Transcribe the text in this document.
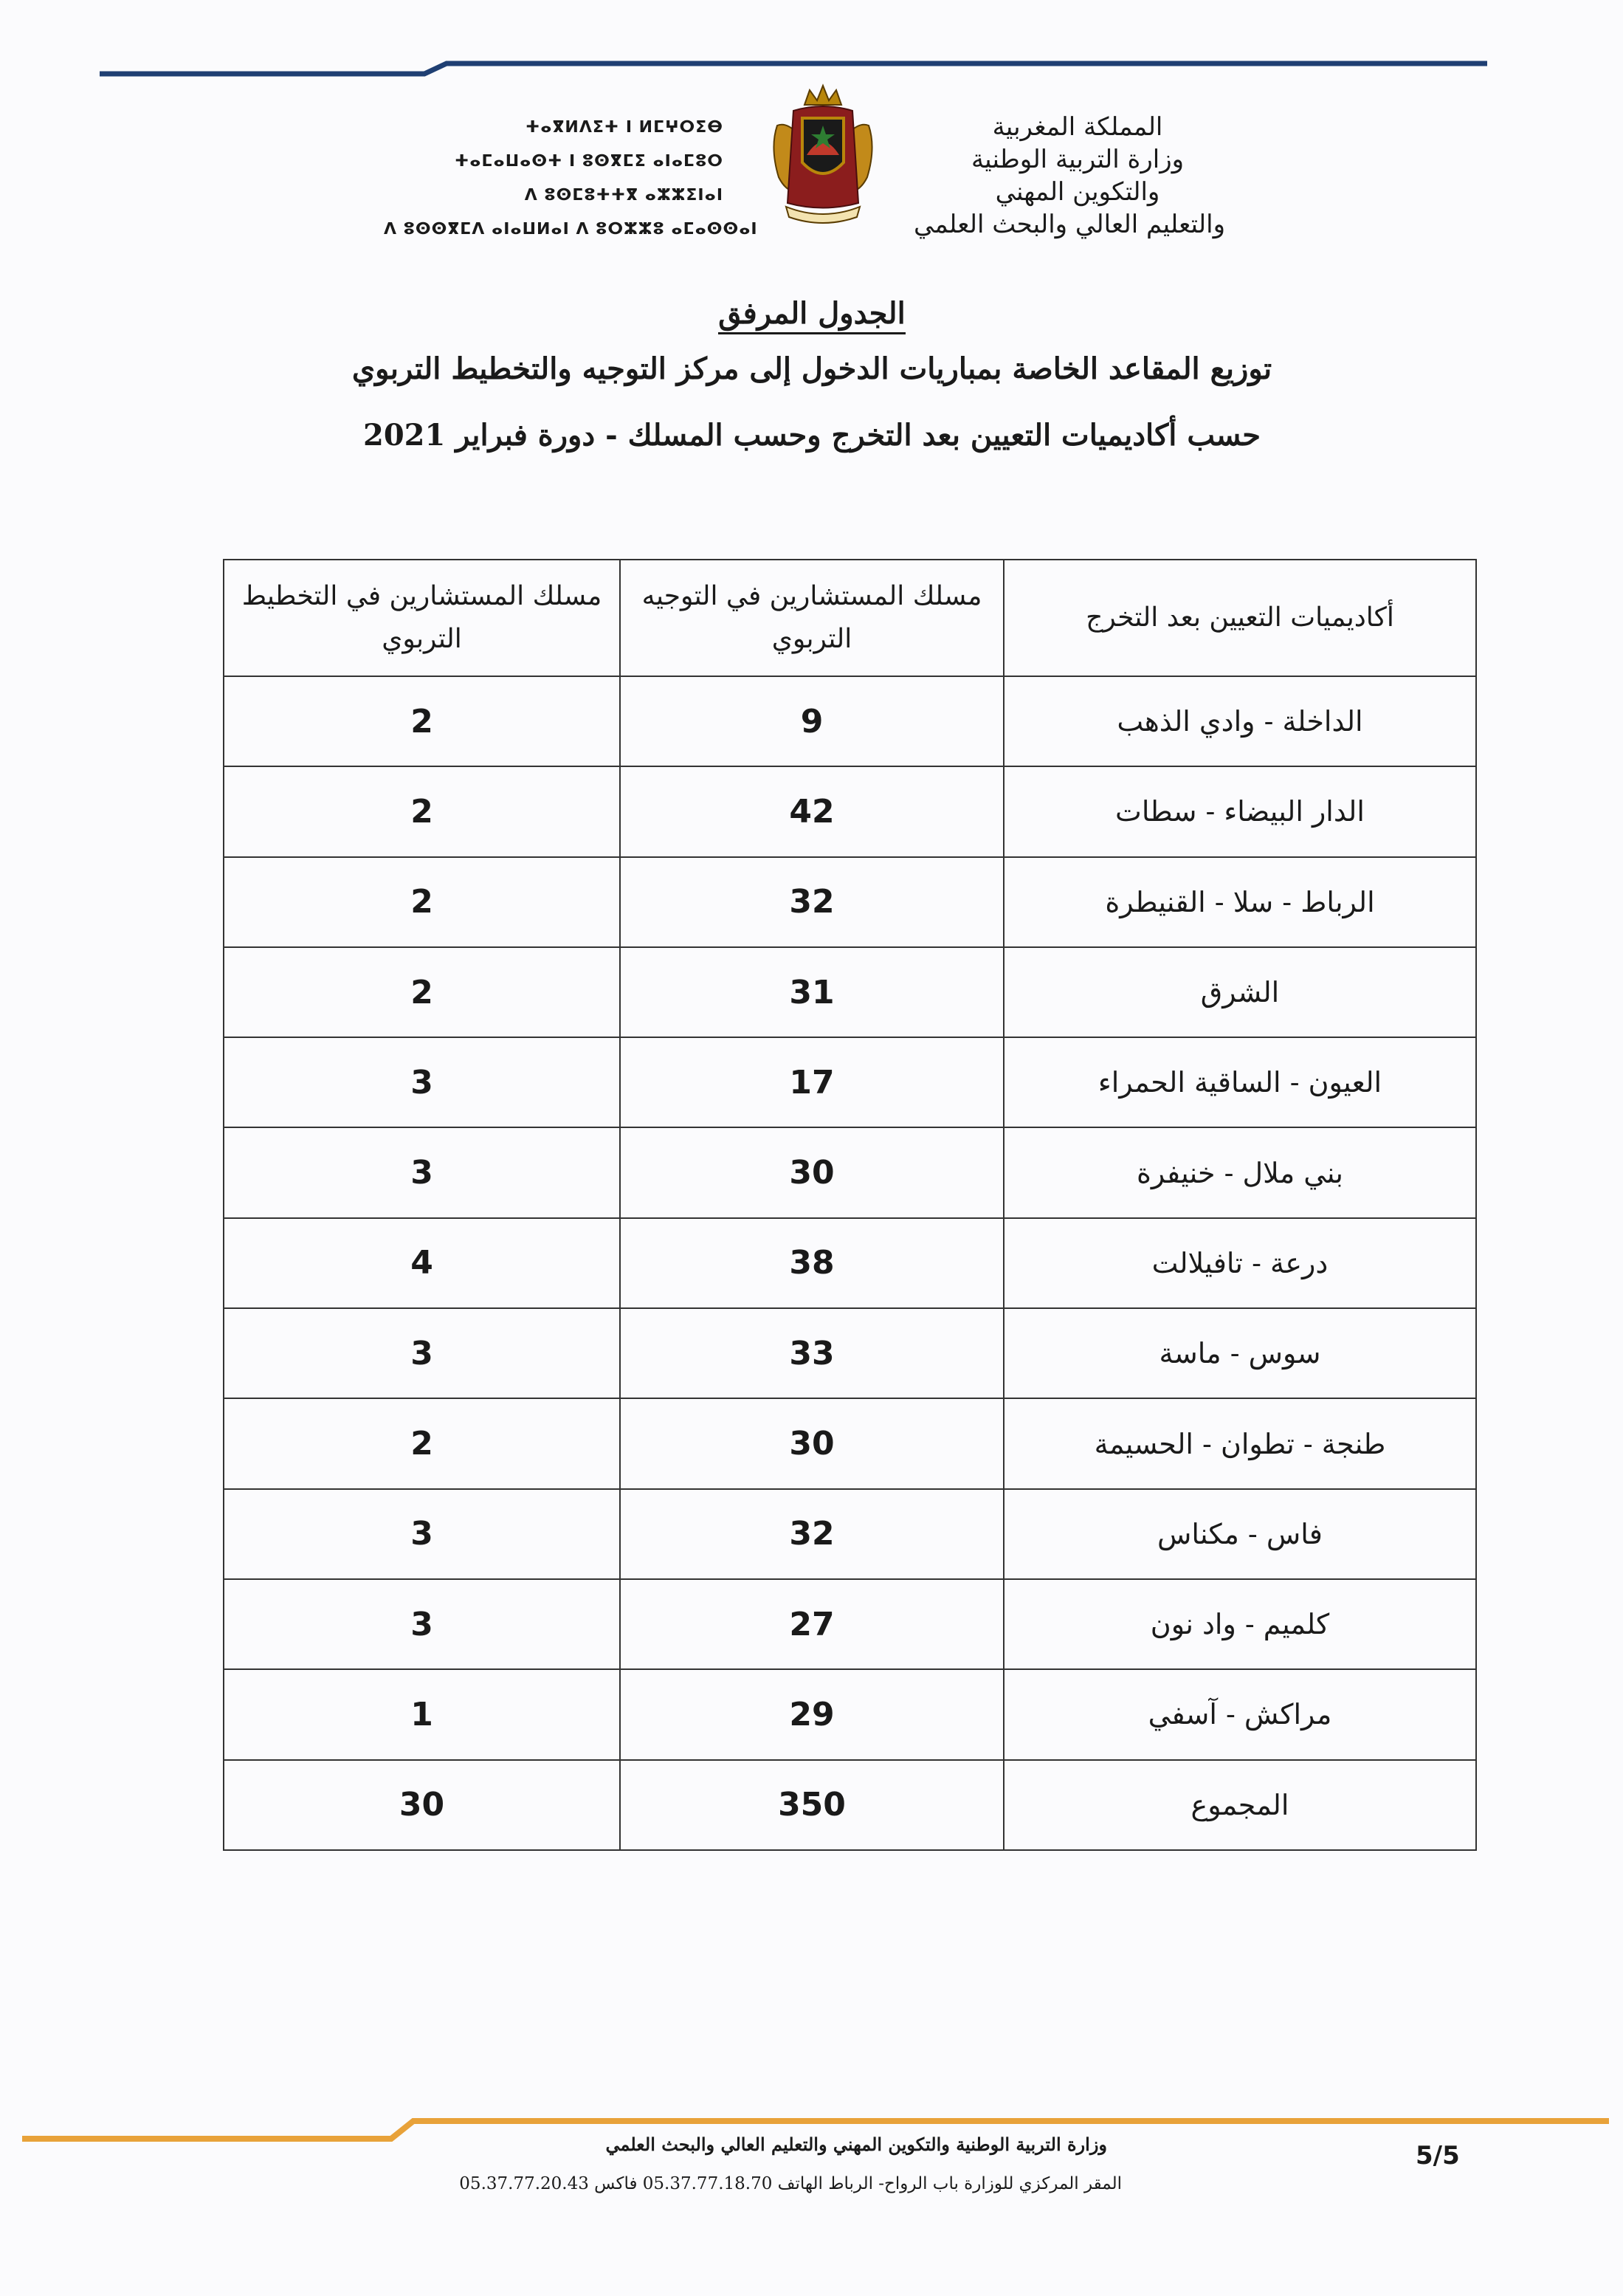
المملكة المغربية
وزارة التربية الوطنية
والتكوين المهني
والتعليم العالي والبحث العلمي
ⵜⴰⴳⵍⴷⵉⵜ ⵏ ⵍⵎⵖⵔⵉⴱ
ⵜⴰⵎⴰⵡⴰⵙⵜ ⵏ ⵓⵙⴳⵎⵉ ⴰⵏⴰⵎⵓⵔ
ⴷ ⵓⵙⵎⵓⵜⵜⴳ ⴰⵣⵣⵉⵏⴰⵏ
ⴷ ⵓⵙⵙⴳⵎⴷ ⴰⵏⴰⵡⵍⴰⵏ ⴷ ⵓⵔⵣⵣⵓ ⴰⵎⴰⵙⵙⴰⵏ
الجدول المرفق
توزيع المقاعد الخاصة بمباريات الدخول إلى مركز التوجيه والتخطيط التربوي
حسب أكاديميات التعيين بعد التخرج وحسب المسلك - دورة فبراير 2021
أكاديميات التعيين بعد التخرج	مسلك المستشارين في التوجيه التربوي	مسلك المستشارين في التخطيط التربوي
الداخلة - وادي الذهب	9	2
الدار البيضاء - سطات	42	2
الرباط - سلا - القنيطرة	32	2
الشرق	31	2
العيون - الساقية الحمراء	17	3
بني ملال - خنيفرة	30	3
درعة - تافيلالت	38	4
سوس - ماسة	33	3
طنجة - تطوان - الحسيمة	30	2
فاس - مكناس	32	3
كلميم - واد نون	27	3
مراكش - آسفي	29	1
المجموع	350	30
وزارة التربية الوطنية والتكوين المهني والتعليم العالي والبحث العلمي
المقر المركزي للوزارة باب الرواح- الرباط الهاتف 05.37.77.18.70 فاكس 05.37.77.20.43
5/5
